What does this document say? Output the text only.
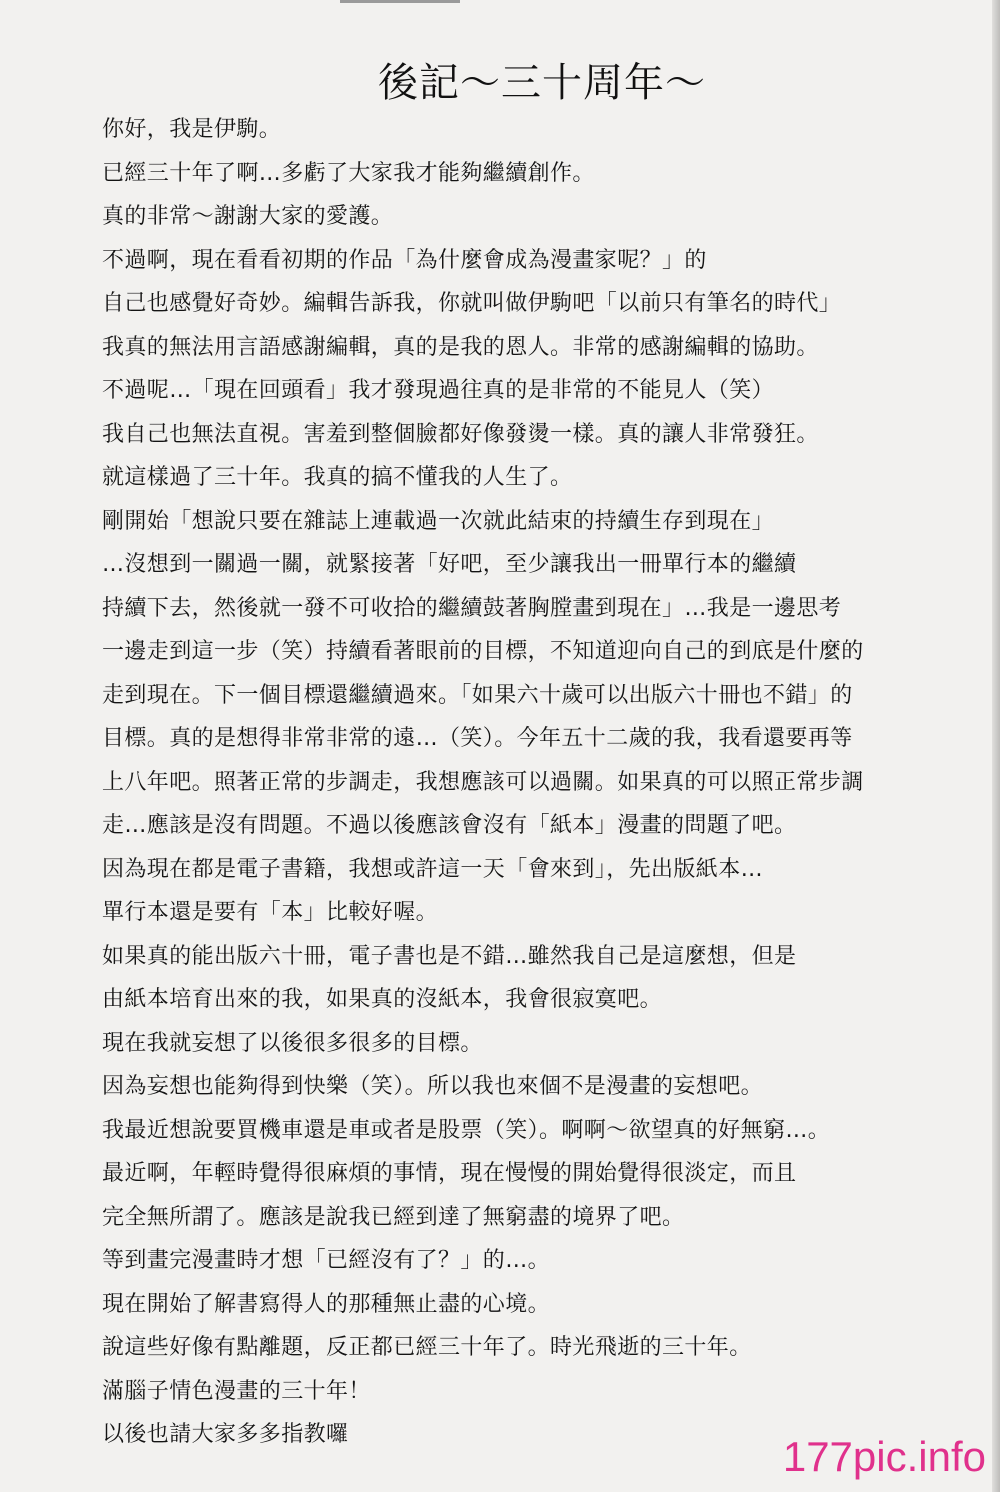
後記～三十周年～
你好，我是伊駒。
已經三十年了啊…多虧了大家我才能夠繼續創作。
真的非常～謝謝大家的愛護。
不過啊，現在看看初期的作品「為什麼會成為漫畫家呢？」的
自己也感覺好奇妙。編輯告訴我，你就叫做伊駒吧「以前只有筆名的時代」
我真的無法用言語感謝編輯，真的是我的恩人。非常的感謝編輯的協助。
不過呢…「現在回頭看」我才發現過往真的是非常的不能見人（笑）
我自己也無法直視。害羞到整個臉都好像發燙一樣。真的讓人非常發狂。
就這樣過了三十年。我真的搞不懂我的人生了。
剛開始「想說只要在雜誌上連載過一次就此結束的持續生存到現在」
…沒想到一關過一關，就緊接著「好吧，至少讓我出一冊單行本的繼續
持續下去，然後就一發不可收拾的繼續鼓著胸膛畫到現在」…我是一邊思考
一邊走到這一步（笑）持續看著眼前的目標，不知道迎向自己的到底是什麼的
走到現在。下一個目標還繼續過來。「如果六十歲可以出版六十冊也不錯」的
目標。真的是想得非常非常的遠…（笑）。今年五十二歲的我，我看還要再等
上八年吧。照著正常的步調走，我想應該可以過關。如果真的可以照正常步調
走…應該是沒有問題。不過以後應該會沒有「紙本」漫畫的問題了吧。
因為現在都是電子書籍，我想或許這一天「會來到」，先出版紙本…
單行本還是要有「本」比較好喔。
如果真的能出版六十冊，電子書也是不錯…雖然我自己是這麼想，但是
由紙本培育出來的我，如果真的沒紙本，我會很寂寞吧。
現在我就妄想了以後很多很多的目標。
因為妄想也能夠得到快樂（笑）。所以我也來個不是漫畫的妄想吧。
我最近想說要買機車還是車或者是股票（笑）。啊啊～欲望真的好無窮…。
最近啊，年輕時覺得很麻煩的事情，現在慢慢的開始覺得很淡定，而且
完全無所謂了。應該是說我已經到達了無窮盡的境界了吧。
等到畫完漫畫時才想「已經沒有了？」的…。
現在開始了解書寫得人的那種無止盡的心境。
說這些好像有點離題，反正都已經三十年了。時光飛逝的三十年。
滿腦子情色漫畫的三十年！
以後也請大家多多指教囉	177pic.info
